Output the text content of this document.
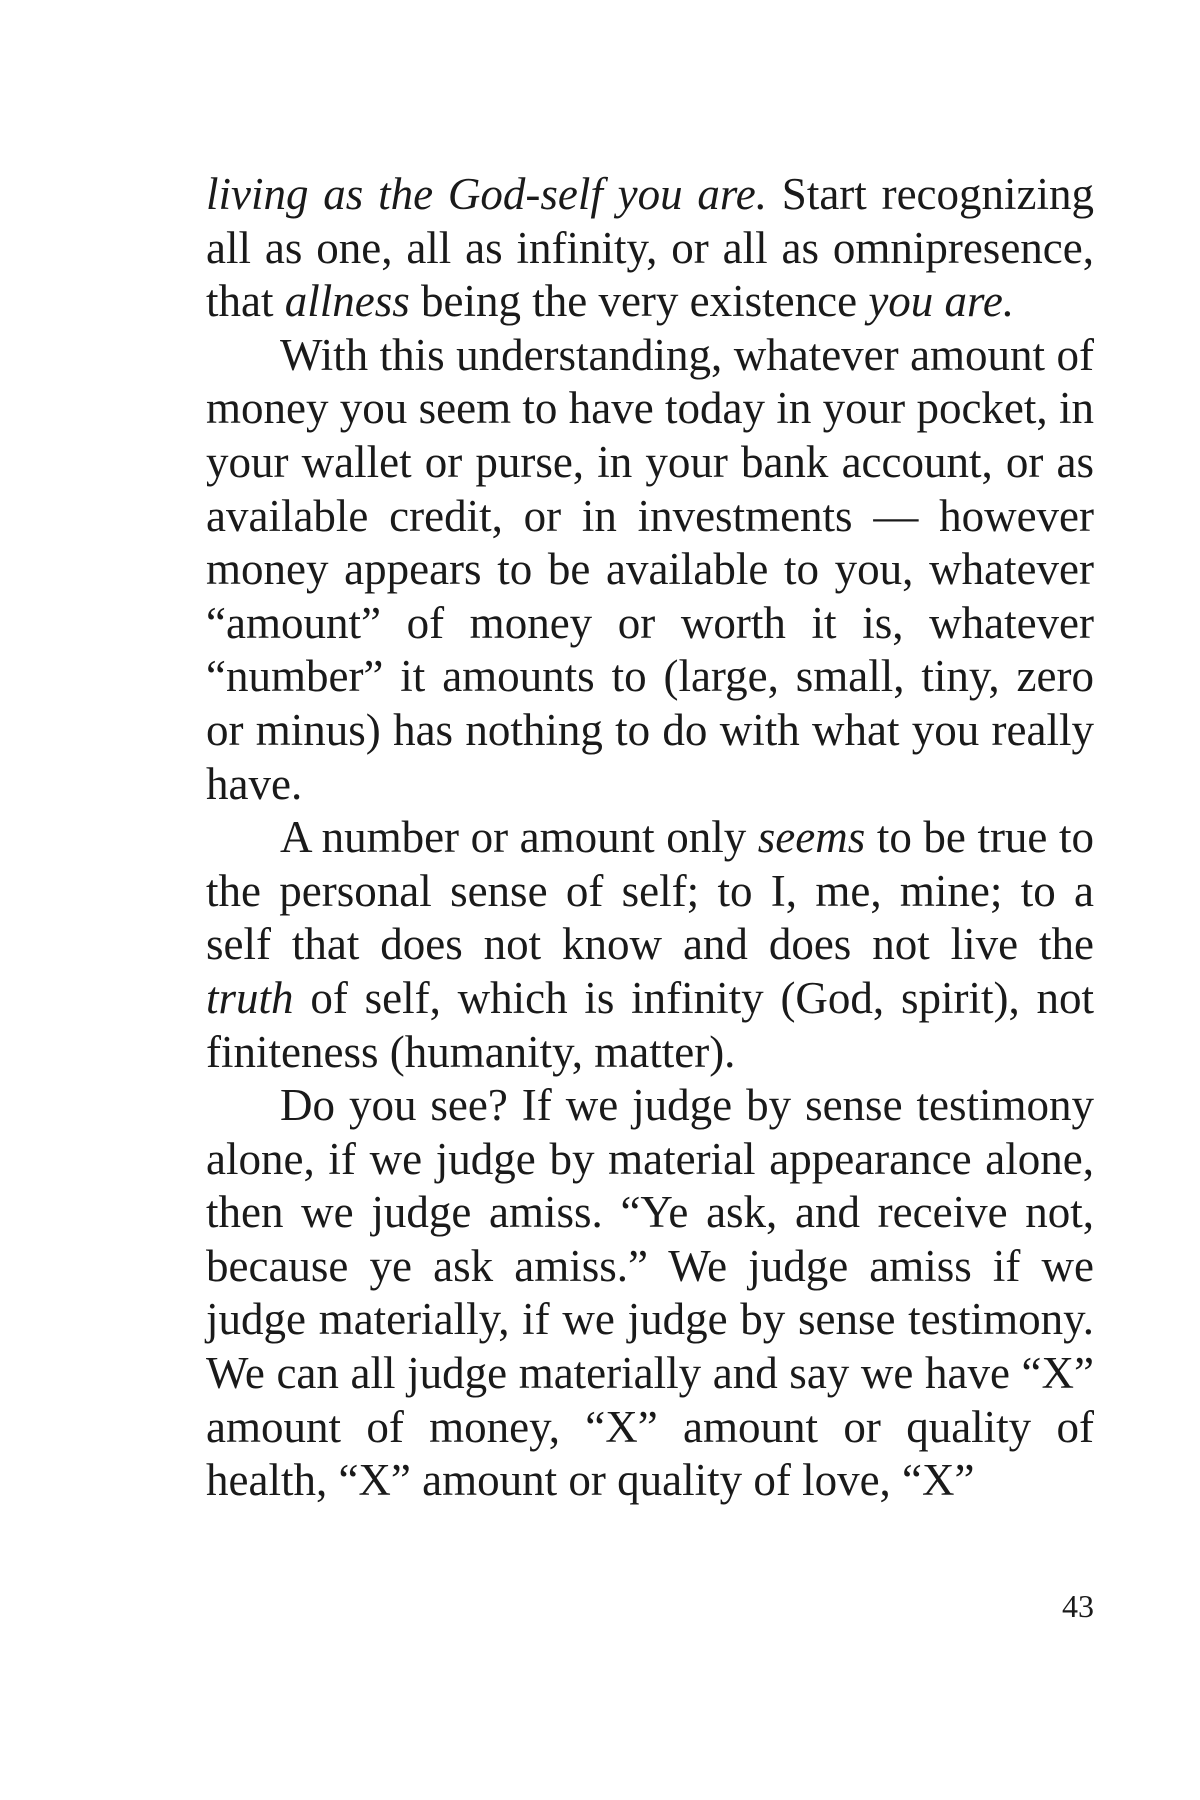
living as the God-self you are. Start recognizing all as one, all as infinity, or all as omnipresence, that allness being the very existence you are.

With this understanding, whatever amount of money you seem to have today in your pocket, in your wallet or purse, in your bank account, or as available credit, or in investments — however money appears to be available to you, whatever “amount” of money or worth it is, whatever “number” it amounts to (large, small, tiny, zero or minus) has nothing to do with what you really have.

A number or amount only seems to be true to the personal sense of self; to I, me, mine; to a self that does not know and does not live the truth of self, which is infinity (God, spirit), not finiteness (humanity, matter).

Do you see? If we judge by sense testimony alone, if we judge by material appearance alone, then we judge amiss. “Ye ask, and receive not, because ye ask amiss.” We judge amiss if we judge materially, if we judge by sense testimony. We can all judge materially and say we have “X” amount of money, “X” amount or quality of health, “X” amount or quality of love, “X”

43
